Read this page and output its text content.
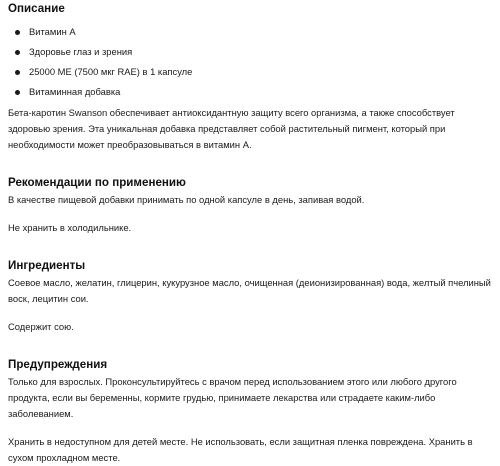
Описание
Витамин A
Здоровье глаз и зрения
25000 МЕ (7500 мкг RAE) в 1 капсуле
Витаминная добавка

Бета-каротин Swanson обеспечивает антиоксидантную защиту всего организма, а также способствует здоровью зрения. Эта уникальная добавка представляет собой растительный пигмент, который при необходимости может преобразовываться в витамин A.

Рекомендации по применению

В качестве пищевой добавки принимать по одной капсуле в день, запивая водой.

Не хранить в холодильнике.

Ингредиенты

Соевое масло, желатин, глицерин, кукурузное масло, очищенная (деионизированная) вода, желтый пчелиный воск, лецитин сои.

Содержит сою.

Предупреждения

Только для взрослых. Проконсультируйтесь с врачом перед использованием этого или любого другого продукта, если вы беременны, кормите грудью, принимаете лекарства или страдаете каким-либо заболеванием.

Хранить в недоступном для детей месте. Не использовать, если защитная пленка повреждена. Хранить в сухом прохладном месте.
